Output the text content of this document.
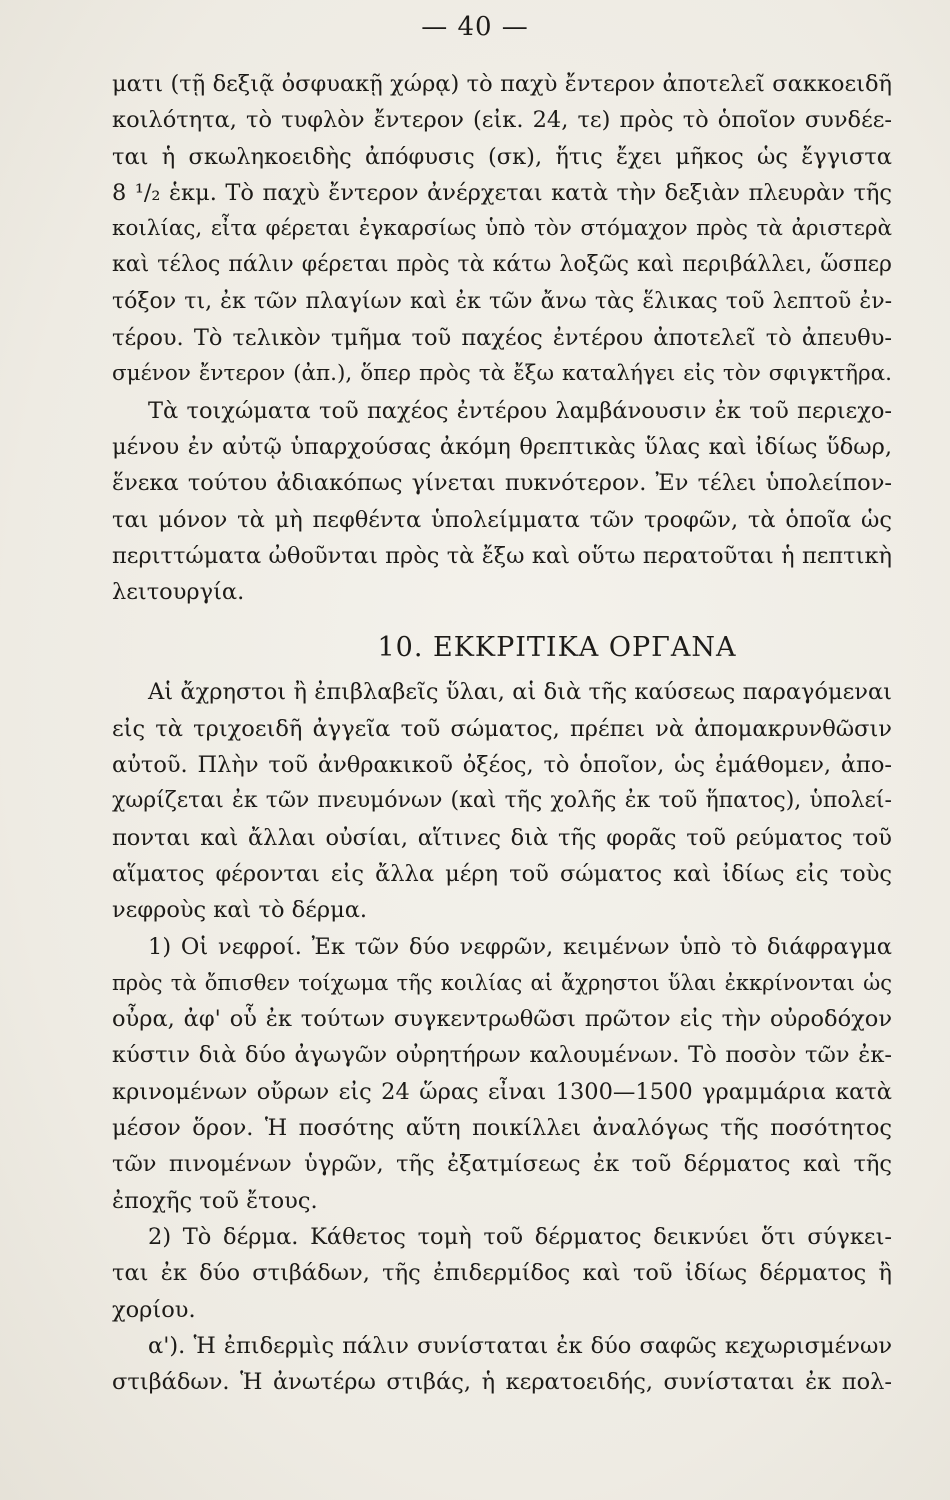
— 40 —
ματι (τῇ δεξιᾷ ὀσφυακῇ χώρᾳ) τὸ παχὺ ἔντερον ἀποτελεῖ σακκοειδῆ
κοιλότητα, τὸ τυφλὸν ἔντερον (εἰκ. 24, τε) πρὸς τὸ ὁποῖον συνδέε-
ται ἡ σκωληκοειδὴς ἀπόφυσις (σκ), ἥτις ἔχει μῆκος ὡς ἔγγιστα
8 ¹/₂ ἑκμ. Τὸ παχὺ ἔντερον ἀνέρχεται κατὰ τὴν δεξιὰν πλευρὰν τῆς
κοιλίας, εἶτα φέρεται ἐγκαρσίως ὑπὸ τὸν στόμαχον πρὸς τὰ ἀριστερὰ
καὶ τέλος πάλιν φέρεται πρὸς τὰ κάτω λοξῶς καὶ περιβάλλει, ὥσπερ
τόξον τι, ἐκ τῶν πλαγίων καὶ ἐκ τῶν ἄνω τὰς ἕλικας τοῦ λεπτοῦ ἐν-
τέρου. Τὸ τελικὸν τμῆμα τοῦ παχέος ἐντέρου ἀποτελεῖ τὸ ἀπευθυ-
σμένον ἔντερον (ἀπ.), ὅπερ πρὸς τὰ ἔξω καταλήγει εἰς τὸν σφιγκτῆρα.
Τὰ τοιχώματα τοῦ παχέος ἐντέρου λαμβάνουσιν ἐκ τοῦ περιεχο-
μένου ἐν αὐτῷ ὑπαρχούσας ἀκόμη θρεπτικὰς ὕλας καὶ ἰδίως ὕδωρ,
ἕνεκα τούτου ἀδιακόπως γίνεται πυκνότερον. Ἐν τέλει ὑπολείπον-
ται μόνον τὰ μὴ πεφθέντα ὑπολείμματα τῶν τροφῶν, τὰ ὁποῖα ὡς
περιττώματα ὠθοῦνται πρὸς τὰ ἔξω καὶ οὕτω περατοῦται ἡ πεπτικὴ
λειτουργία.
10. ΕΚΚΡΙΤΙΚΑ ΟΡΓΑΝΑ
Αἱ ἄχρηστοι ἢ ἐπιβλαβεῖς ὕλαι, αἱ διὰ τῆς καύσεως παραγόμεναι
εἰς τὰ τριχοειδῆ ἀγγεῖα τοῦ σώματος, πρέπει νὰ ἀπομακρυνθῶσιν
αὐτοῦ. Πλὴν τοῦ ἀνθρακικοῦ ὀξέος, τὸ ὁποῖον, ὡς ἐμάθομεν, ἀπο-
χωρίζεται ἐκ τῶν πνευμόνων (καὶ τῆς χολῆς ἐκ τοῦ ἥπατος), ὑπολεί-
πονται καὶ ἄλλαι οὐσίαι, αἵτινες διὰ τῆς φορᾶς τοῦ ρεύματος τοῦ
αἵματος φέρονται εἰς ἄλλα μέρη τοῦ σώματος καὶ ἰδίως εἰς τοὺς
νεφροὺς καὶ τὸ δέρμα.
1) Οἱ νεφροί. Ἐκ τῶν δύο νεφρῶν, κειμένων ὑπὸ τὸ διάφραγμα
πρὸς τὰ ὄπισθεν τοίχωμα τῆς κοιλίας αἱ ἄχρηστοι ὕλαι ἐκκρίνονται ὡς
οὖρα, ἀφ' οὗ ἐκ τούτων συγκεντρωθῶσι πρῶτον εἰς τὴν οὐροδόχον
κύστιν διὰ δύο ἀγωγῶν οὐρητήρων καλουμένων. Τὸ ποσὸν τῶν ἐκ-
κρινομένων οὔρων εἰς 24 ὥρας εἶναι 1300—1500 γραμμάρια κατὰ
μέσον ὅρον. Ἡ ποσότης αὕτη ποικίλλει ἀναλόγως τῆς ποσότητος
τῶν πινομένων ὑγρῶν, τῆς ἐξατμίσεως ἐκ τοῦ δέρματος καὶ τῆς
ἐποχῆς τοῦ ἔτους.
2) Τὸ δέρμα. Κάθετος τομὴ τοῦ δέρματος δεικνύει ὅτι σύγκει-
ται ἐκ δύο στιβάδων, τῆς ἐπιδερμίδος καὶ τοῦ ἰδίως δέρματος ἢ
χορίου.
α'). Ἡ ἐπιδερμὶς πάλιν συνίσταται ἐκ δύο σαφῶς κεχωρισμένων
στιβάδων. Ἡ ἀνωτέρω στιβάς, ἡ κερατοειδής, συνίσταται ἐκ πολ-
